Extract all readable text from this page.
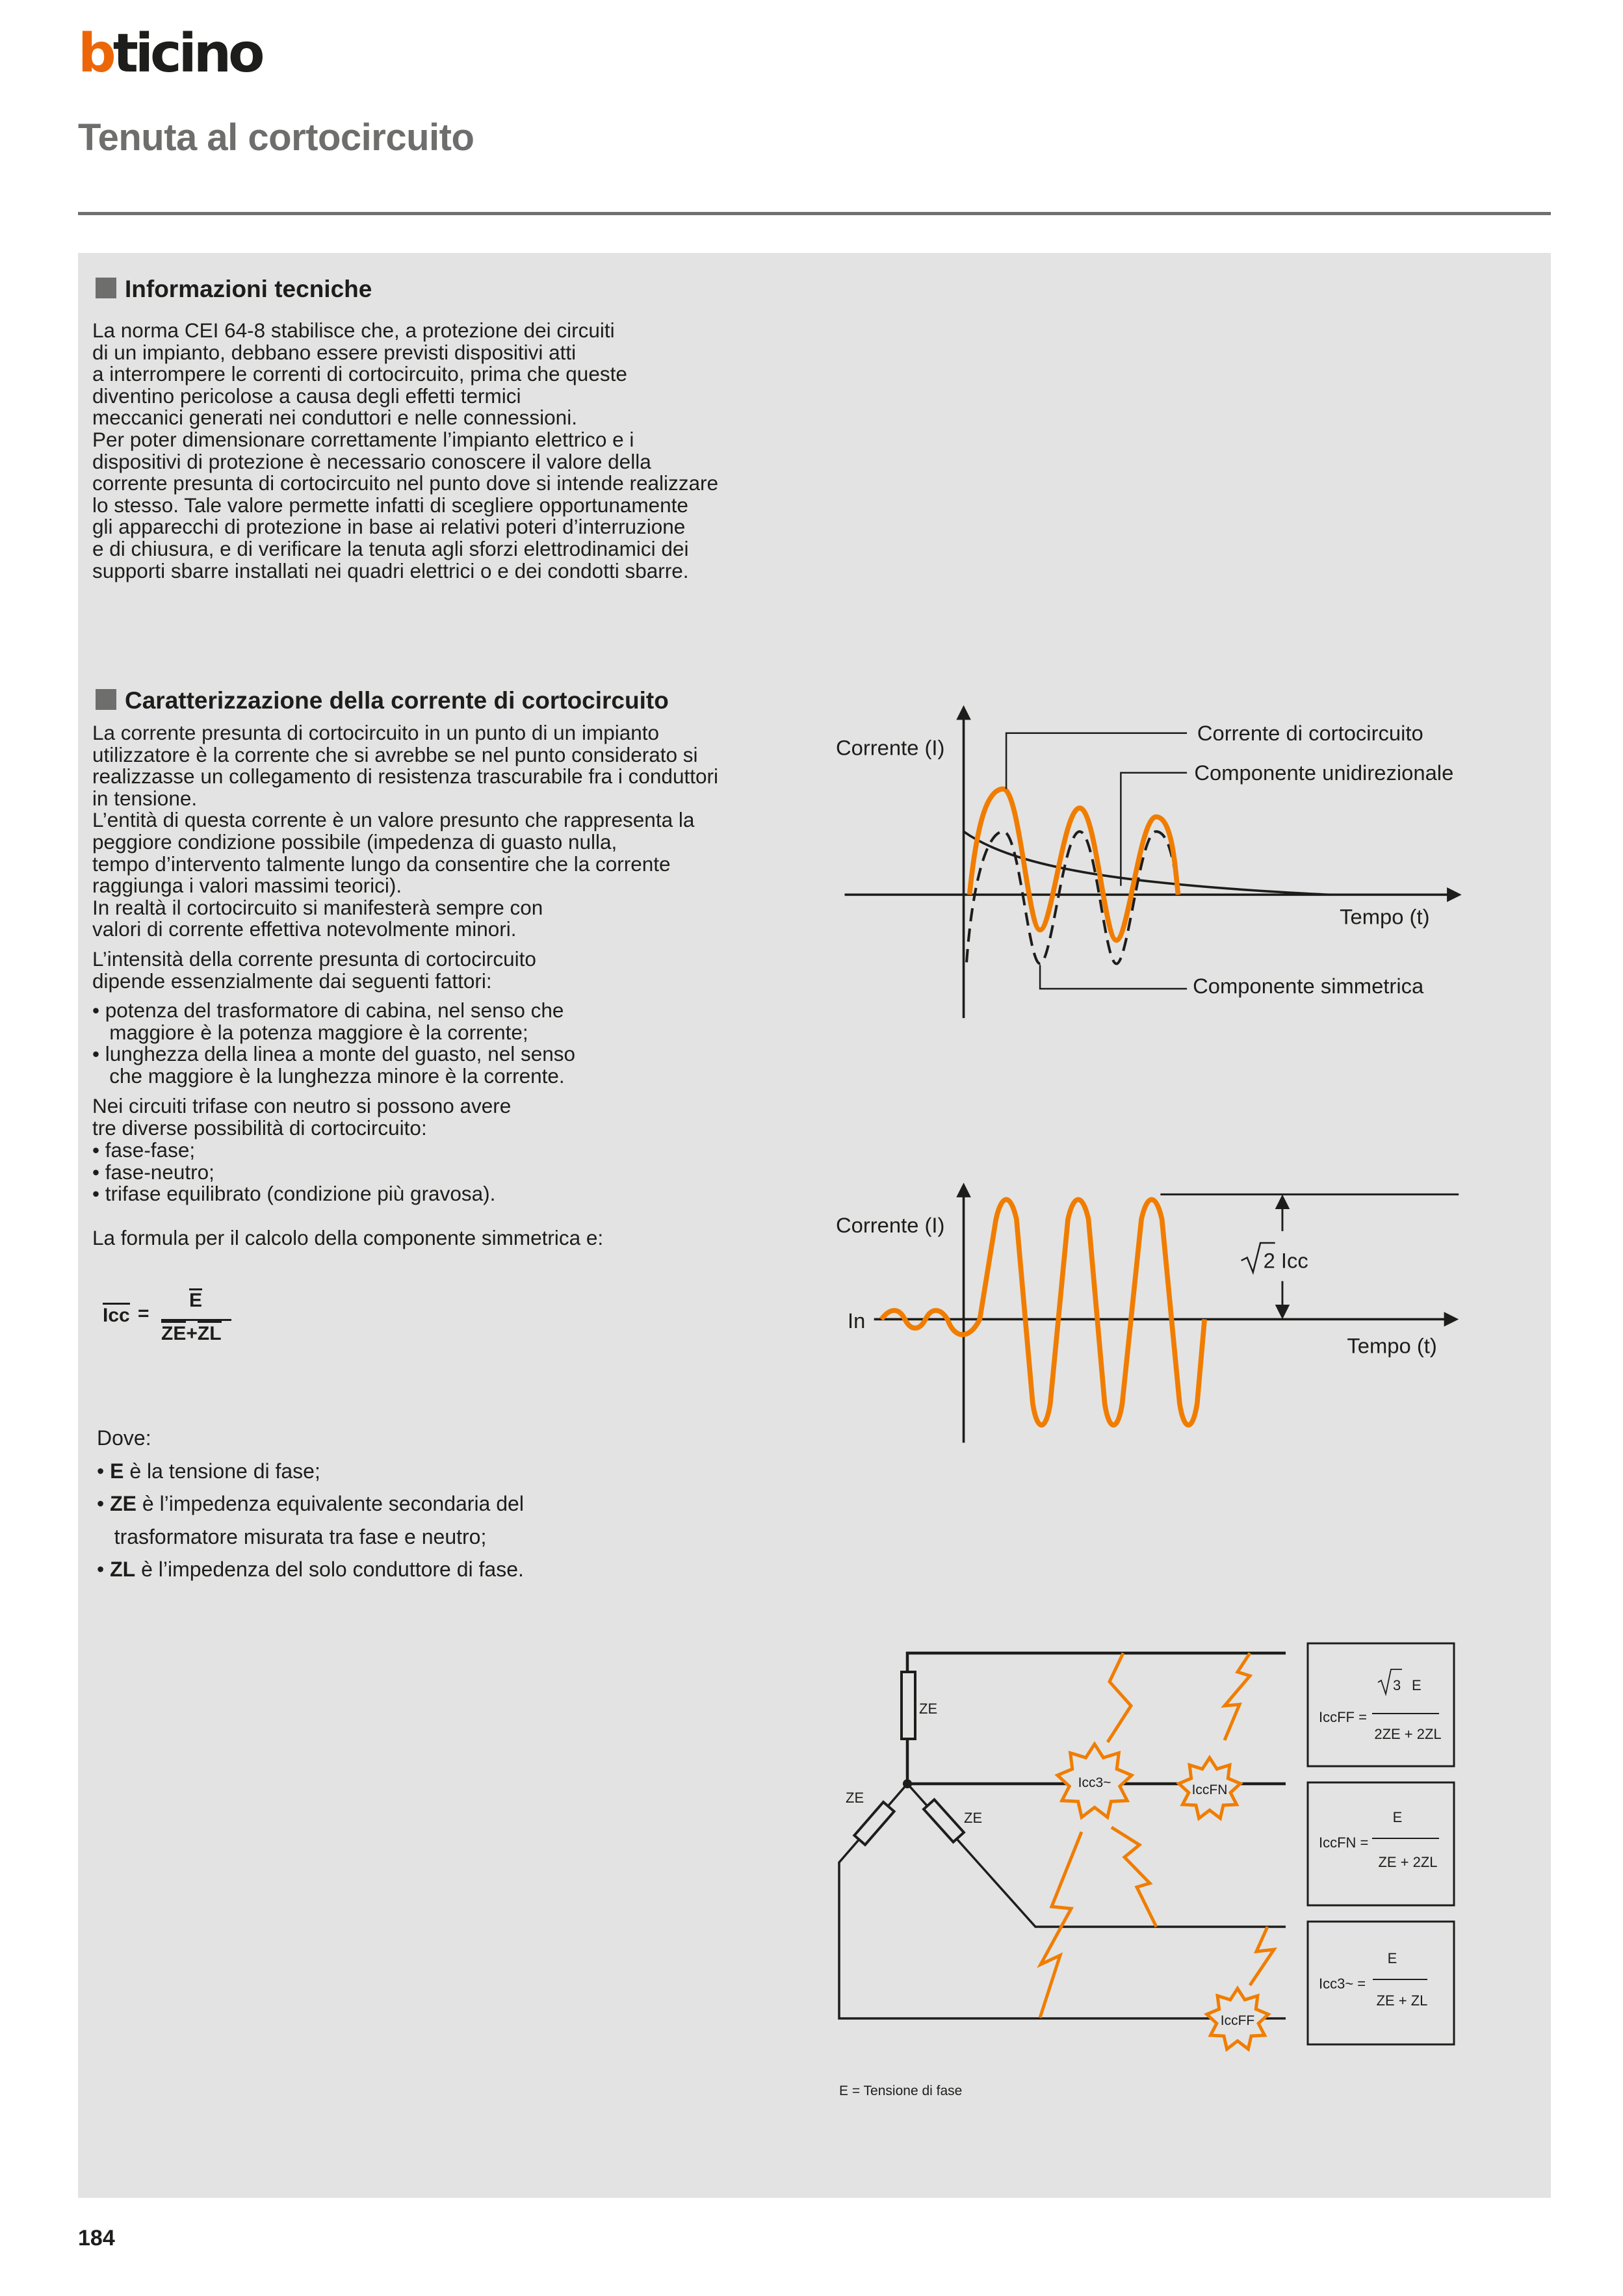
b ticino
Tenuta al cortocircuito
Informazioni tecniche
La norma CEI 64-8 stabilisce che, a protezione dei circuiti
di un impianto, debbano essere previsti dispositivi atti
a interrompere le correnti di cortocircuito, prima che queste
diventino pericolose a causa degli effetti termici
meccanici generati nei conduttori e nelle connessioni.
Per poter dimensionare correttamente l’impianto elettrico e i
dispositivi di protezione è necessario conoscere il valore della
corrente presunta di cortocircuito nel punto dove si intende realizzare
lo stesso. Tale valore permette infatti di scegliere opportunamente
gli apparecchi di protezione in base ai relativi poteri d’interruzione
e di chiusura, e di verificare la tenuta agli sforzi elettrodinamici dei
supporti sbarre installati nei quadri elettrici o e dei condotti sbarre.
Caratterizzazione della corrente di cortocircuito
La corrente presunta di cortocircuito in un punto di un impianto
utilizzatore è la corrente che si avrebbe se nel punto considerato si
realizzasse un collegamento di resistenza trascurabile fra i conduttori
in tensione.
L’entità di questa corrente è un valore presunto che rappresenta la
peggiore condizione possibile (impedenza di guasto nulla,
tempo d’intervento talmente lungo da consentire che la corrente
raggiunga i valori massimi teorici).
In realtà il cortocircuito si manifesterà sempre con
valori di corrente effettiva notevolmente minori.
L’intensità della corrente presunta di cortocircuito
dipende essenzialmente dai seguenti fattori:
• potenza del trasformatore di cabina, nel senso che
maggiore è la potenza maggiore è la corrente;
• lunghezza della linea a monte del guasto, nel senso
che maggiore è la lunghezza minore è la corrente.
Nei circuiti trifase con neutro si possono avere
tre diverse possibilità di cortocircuito:
• fase-fase;
• fase-neutro;
• trifase equilibrato (condizione più gravosa).
La formula per il calcolo della componente simmetrica e:
Icc =
E
ZE+ZL
Dove:
• E è la tensione di fase;
• ZE è l’impedenza equivalente secondaria del
trasformatore misurata tra fase e neutro;
• ZL è l’impedenza del solo conduttore di fase.
Corrente (I)
Tempo (t)
Corrente di cortocircuito
Componente unidirezionale
Componente simmetrica
2 Icc
Corrente (I)
In
Tempo (t)
ZE
ZE
ZE
Icc3~	IccFN
IccFF
IccFF =
3 E
2ZE + 2ZL
IccFN =
E
ZE + 2ZL
Icc3~ =
E
ZE + ZL
E = Tensione di fase
184
